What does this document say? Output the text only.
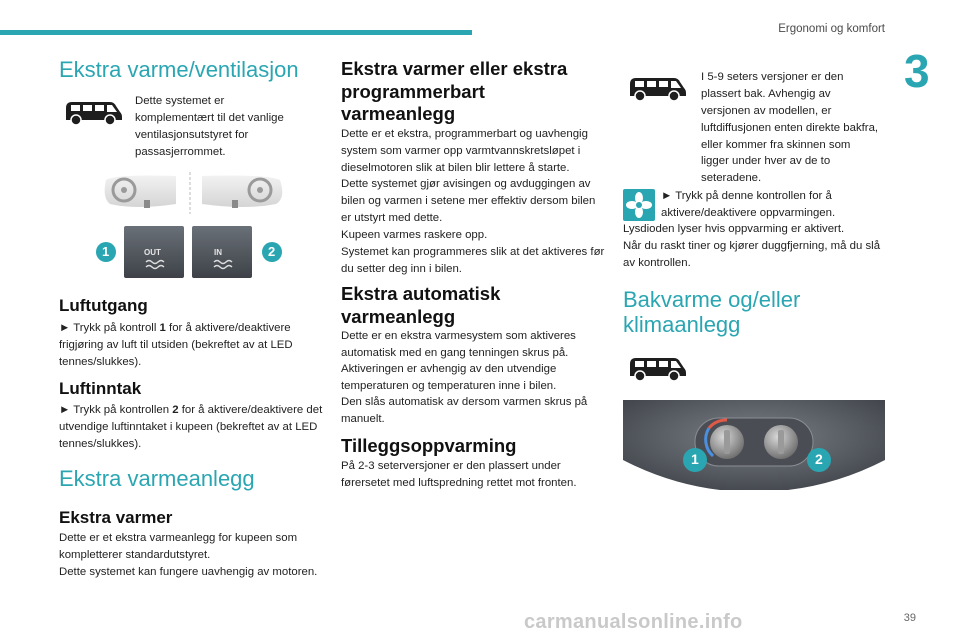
Ergonomi og komfort
3
Ekstra varme/ventilasjon
Dette systemet er komplementært til det vanlige ventilasjonsutstyret for passasjerrommet.
OUT	IN
1	2
Luftutgang
► Trykk på kontroll 1 for å aktivere/deaktivere frigjøring av luft til utsiden (bekreftet av at LED tennes/slukkes).
Luftinntak
► Trykk på kontrollen 2 for å aktivere/deaktivere det utvendige luftinntaket i kupeen (bekreftet av at LED tennes/slukkes).
Ekstra varmeanlegg
Ekstra varmer
Dette er et ekstra varmeanlegg for kupeen som kompletterer standardutstyret.
Dette systemet kan fungere uavhengig av motoren.
Ekstra varmer eller ekstra programmerbart varmeanlegg
Dette er et ekstra, programmerbart og uavhengig system som varmer opp varmtvannskretsløpet i dieselmotoren slik at bilen blir lettere å starte.
Dette systemet gjør avisingen og avduggingen av bilen og varmen i setene mer effektiv dersom bilen er utstyrt med dette.
Kupeen varmes raskere opp.
Systemet kan programmeres slik at det aktiveres før du setter deg inn i bilen.
Ekstra automatisk varmeanlegg
Dette er en ekstra varmesystem som aktiveres automatisk med en gang tenningen skrus på.
Aktiveringen er avhengig av den utvendige temperaturen og temperaturen inne i bilen.
Den slås automatisk av dersom varmen skrus på manuelt.
Tilleggsoppvarming
På 2-3 seterversjoner er den plassert under førersetet med luftspredning rettet mot fronten.
I 5-9 seters versjoner er den plassert bak. Avhengig av versjonen av modellen, er luftdiffusjonen enten direkte bakfra, eller kommer fra skinnen som ligger under hver av de to seteradene.
► Trykk på denne kontrollen for å aktivere/deaktivere oppvarmingen.
Lysdioden lyser hvis oppvarming er aktivert.
Når du raskt tiner og kjører duggfjerning, må du slå av kontrollen.
Bakvarme og/eller klimaanlegg
1	2
39
carmanualsonline.info
